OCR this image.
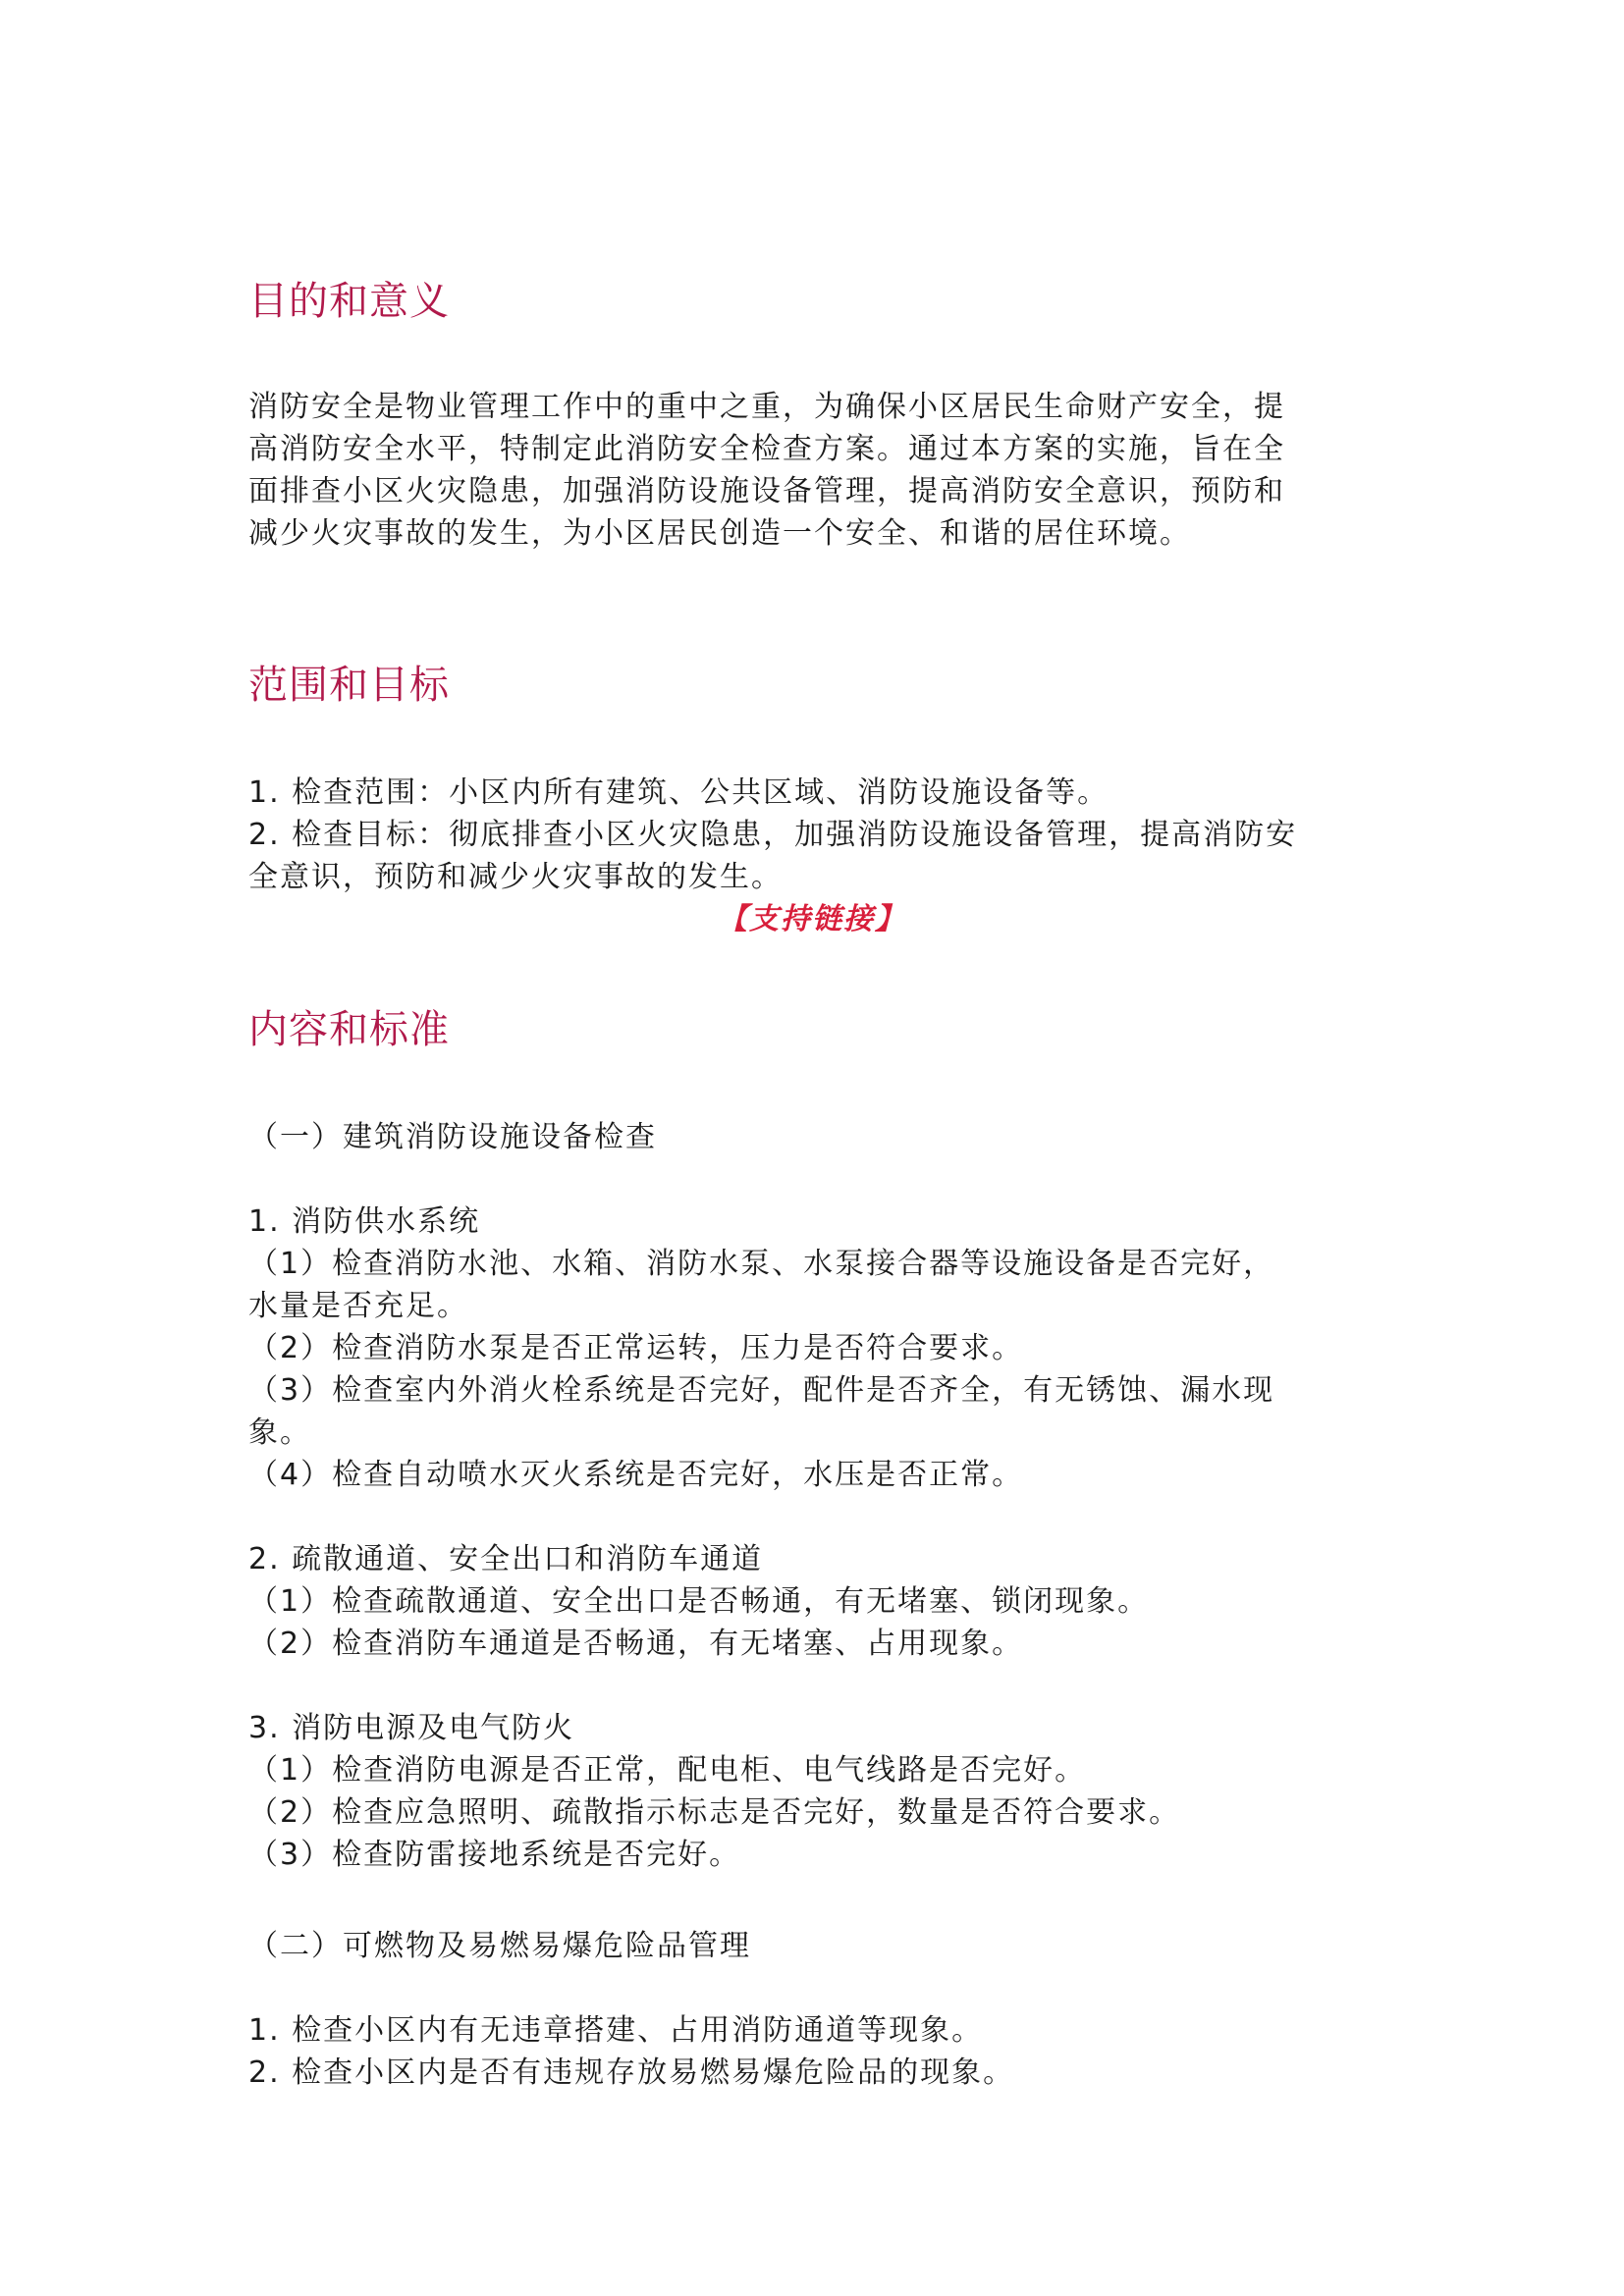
目的和意义

消防安全是物业管理工作中的重中之重，为确保小区居民生命财产安全，提

高消防安全水平，特制定此消防安全检查方案。通过本方案的实施，旨在全

面排查小区火灾隐患，加强消防设施设备管理，提高消防安全意识，预防和

减少火灾事故的发生，为小区居民创造一个安全、和谐的居住环境。

范围和目标

1. 检查范围：小区内所有建筑、公共区域、消防设施设备等。

2. 检查目标：彻底排查小区火灾隐患，加强消防设施设备管理，提高消防安

全意识，预防和减少火灾事故的发生。

【支持链接】
内容和标准

（一）建筑消防设施设备检查

1. 消防供水系统

（1）检查消防水池、水箱、消防水泵、水泵接合器等设施设备是否完好，

水量是否充足。

（2）检查消防水泵是否正常运转，压力是否符合要求。

（3）检查室内外消火栓系统是否完好，配件是否齐全，有无锈蚀、漏水现

象。

（4）检查自动喷水灭火系统是否完好，水压是否正常。

2. 疏散通道、安全出口和消防车通道

（1）检查疏散通道、安全出口是否畅通，有无堵塞、锁闭现象。

（2）检查消防车通道是否畅通，有无堵塞、占用现象。

3. 消防电源及电气防火

（1）检查消防电源是否正常，配电柜、电气线路是否完好。

（2）检查应急照明、疏散指示标志是否完好，数量是否符合要求。

（3）检查防雷接地系统是否完好。

（二）可燃物及易燃易爆危险品管理

1. 检查小区内有无违章搭建、占用消防通道等现象。

2. 检查小区内是否有违规存放易燃易爆危险品的现象。
